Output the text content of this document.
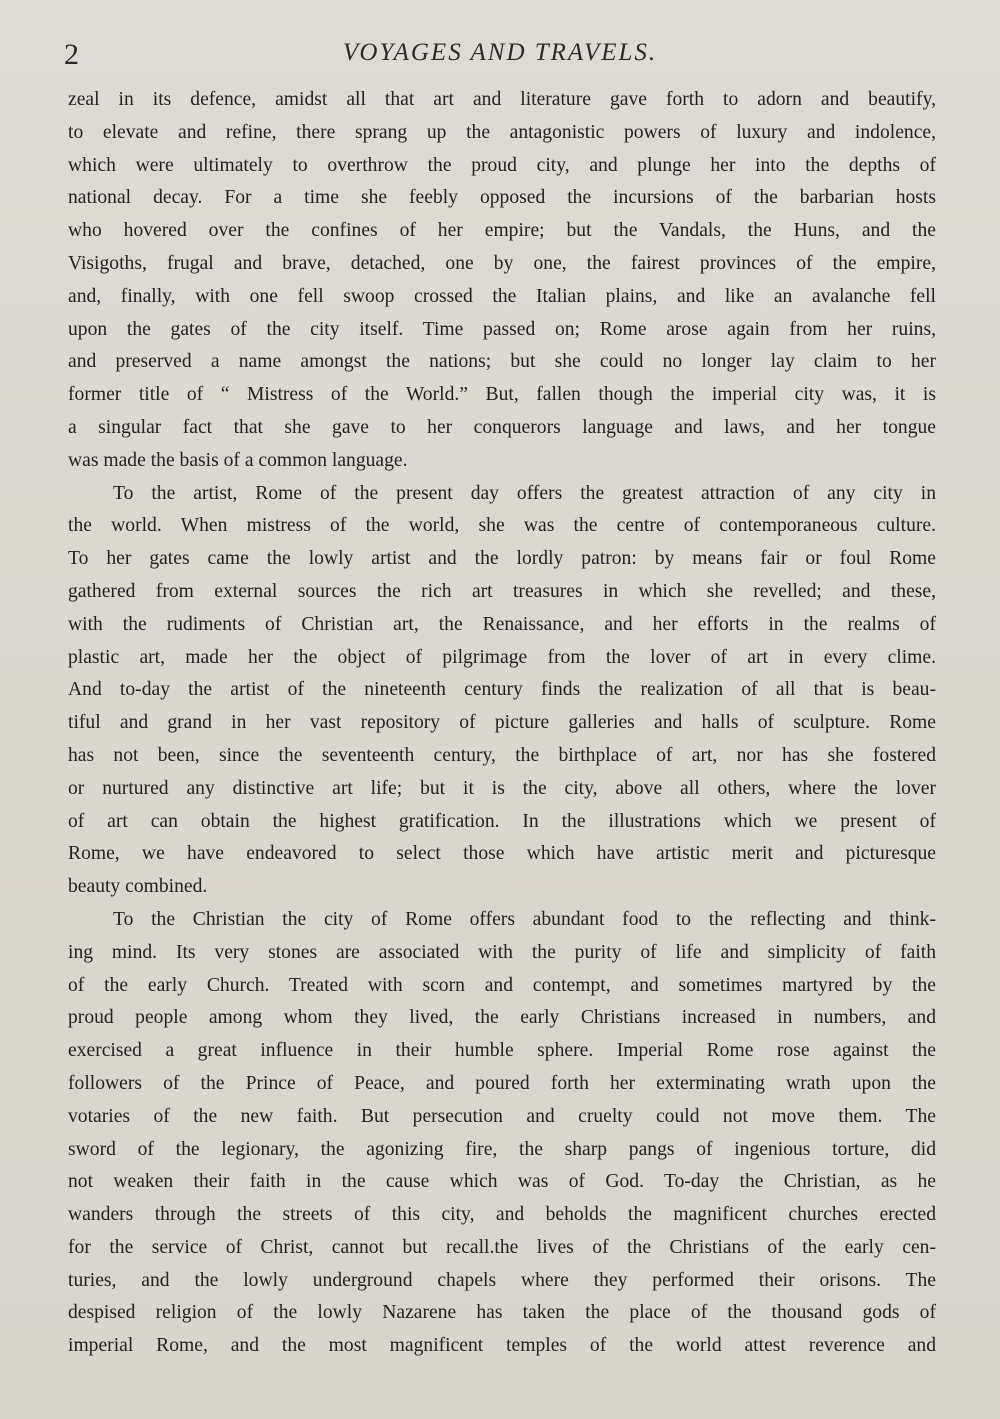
2	VOYAGES AND TRAVELS.
zeal in its defence, amidst all that art and literature gave forth to adorn and beautify,
to elevate and refine, there sprang up the antagonistic powers of luxury and indolence,
which were ultimately to overthrow the proud city, and plunge her into the depths of
national decay. For a time she feebly opposed the incursions of the barbarian hosts
who hovered over the confines of her empire; but the Vandals, the Huns, and the
Visigoths, frugal and brave, detached, one by one, the fairest provinces of the empire,
and, finally, with one fell swoop crossed the Italian plains, and like an avalanche fell
upon the gates of the city itself. Time passed on; Rome arose again from her ruins,
and preserved a name amongst the nations; but she could no longer lay claim to her
former title of “ Mistress of the World.” But, fallen though the imperial city was, it is
a singular fact that she gave to her conquerors language and laws, and her tongue
was made the basis of a common language.
To the artist, Rome of the present day offers the greatest attraction of any city in
the world. When mistress of the world, she was the centre of contemporaneous culture.
To her gates came the lowly artist and the lordly patron: by means fair or foul Rome
gathered from external sources the rich art treasures in which she revelled; and these,
with the rudiments of Christian art, the Renaissance, and her efforts in the realms of
plastic art, made her the object of pilgrimage from the lover of art in every clime.
And to-day the artist of the nineteenth century finds the realization of all that is beau-
tiful and grand in her vast repository of picture galleries and halls of sculpture. Rome
has not been, since the seventeenth century, the birthplace of art, nor has she fostered
or nurtured any distinctive art life; but it is the city, above all others, where the lover
of art can obtain the highest gratification. In the illustrations which we present of
Rome, we have endeavored to select those which have artistic merit and picturesque
beauty combined.
To the Christian the city of Rome offers abundant food to the reflecting and think-
ing mind. Its very stones are associated with the purity of life and simplicity of faith
of the early Church. Treated with scorn and contempt, and sometimes martyred by the
proud people among whom they lived, the early Christians increased in numbers, and
exercised a great influence in their humble sphere. Imperial Rome rose against the
followers of the Prince of Peace, and poured forth her exterminating wrath upon the
votaries of the new faith. But persecution and cruelty could not move them. The
sword of the legionary, the agonizing fire, the sharp pangs of ingenious torture, did
not weaken their faith in the cause which was of God. To-day the Christian, as he
wanders through the streets of this city, and beholds the magnificent churches erected
for the service of Christ, cannot but recall.the lives of the Christians of the early cen-
turies, and the lowly underground chapels where they performed their orisons. The
despised religion of the lowly Nazarene has taken the place of the thousand gods of
imperial Rome, and the most magnificent temples of the world attest reverence and
